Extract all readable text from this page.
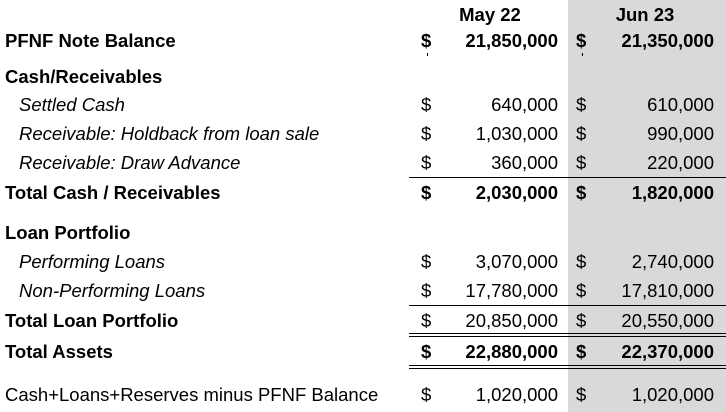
May 22	Jun 23
PFNF Note Balance	$	21,850,000 $	21,350,000
Cash/Receivables
Settled Cash	$	640,000 $	610,000
Receivable: Holdback from loan sale	$	1,030,000 $	990,000
Receivable: Draw Advance	$	360,000 $	220,000
Total Cash / Receivables	$	2,030,000 $	1,820,000
Loan Portfolio
Performing Loans	$	3,070,000 $	2,740,000
Non-Performing Loans	$	17,780,000 $	17,810,000
Total Loan Portfolio	$	20,850,000 $	20,550,000
Total Assets	$	22,880,000 $	22,370,000
Cash+Loans+Reserves minus PFNF Balance $	1,020,000 $	1,020,000
